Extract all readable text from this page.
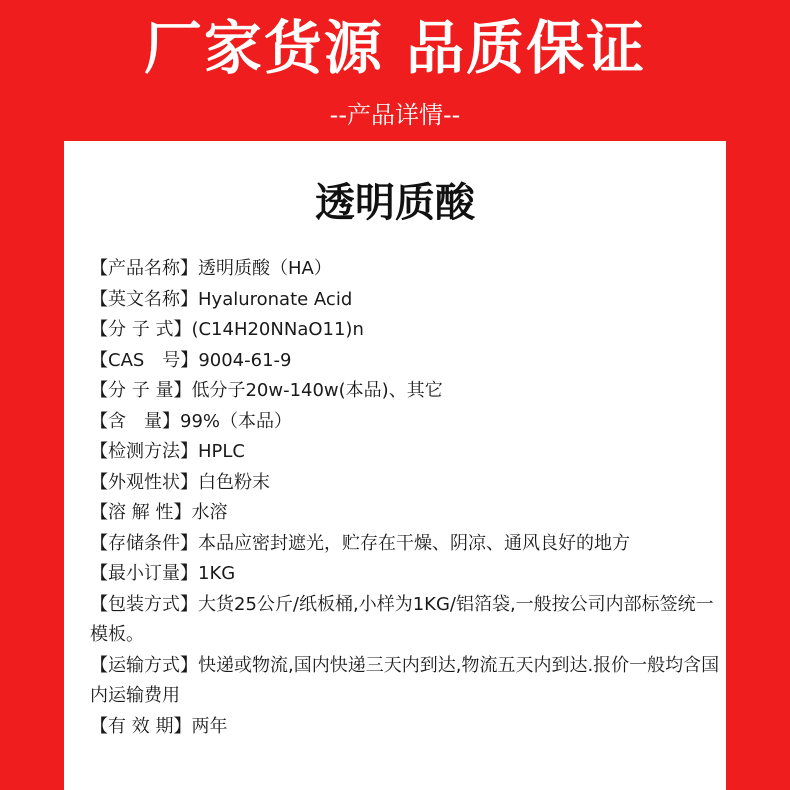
厂家货源 品质保证
--产品详情--
透明质酸
【产品名称】透明质酸（HA）
【英文名称】Hyaluronate Acid
【分 子 式】(C14H20NNaO11)n
【CAS　号】9004-61-9
【分 子 量】低分子20w-140w(本品)、其它
【含　量】99%（本品）
【检测方法】HPLC
【外观性状】白色粉末
【溶 解 性】水溶
【存储条件】本品应密封遮光，贮存在干燥、阴凉、通风良好的地方
【最小订量】1KG
【包装方式】大货25公斤/纸板桶,小样为1KG/铝箔袋,一般按公司内部标签统一模板。
【运输方式】快递或物流,国内快递三天内到达,物流五天内到达.报价一般均含国内运输费用
【有 效 期】两年
